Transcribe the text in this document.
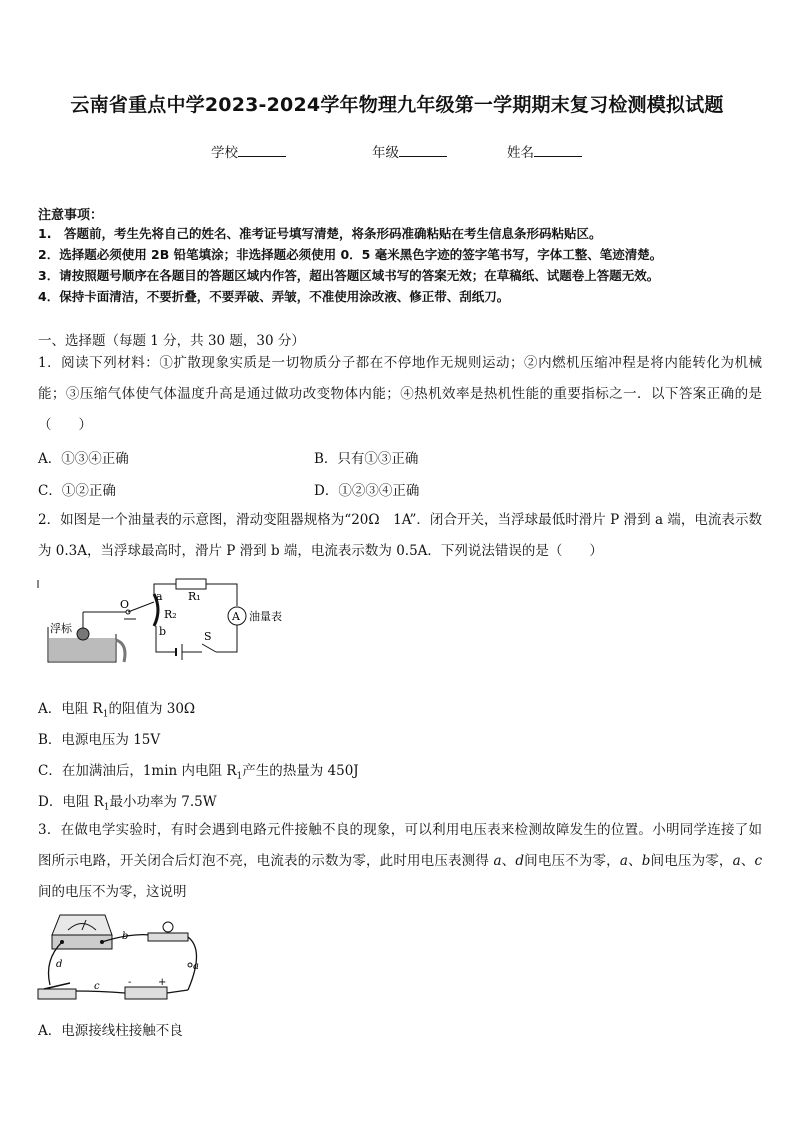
云南省重点中学2023-2024学年物理九年级第一学期期末复习检测模拟试题
学校	年级	姓名
注意事项：
1.　答题前，考生先将自己的姓名、准考证号填写清楚，将条形码准确粘贴在考生信息条形码粘贴区。
2．选择题必须使用 2B 铅笔填涂；非选择题必须使用 0．5 毫米黑色字迹的签字笔书写，字体工整、笔迹清楚。
3．请按照题号顺序在各题目的答题区域内作答，超出答题区域书写的答案无效；在草稿纸、试题卷上答题无效。
4．保持卡面清洁，不要折叠，不要弄破、弄皱，不准使用涂改液、修正带、刮纸刀。
一、选择题（每题 1 分，共 30 题，30 分）
1．阅读下列材料：①扩散现象实质是一切物质分子都在不停地作无规则运动；②内燃机压缩冲程是将内能转化为机械能；③压缩气体使气体温度升高是通过做功改变物体内能；④热机效率是热机性能的重要指标之一．以下答案正确的是（　　）
A．①③④正确	B．只有①③正确
C．①②正确	D．①②③④正确
2．如图是一个油量表的示意图，滑动变阻器规格为“20Ω　1A”．闭合开关，当浮球最低时滑片 P 滑到 a 端，电流表示数为 0.3A，当浮球最高时，滑片 P 滑到 b 端，电流表示数为 0.5A．下列说法错误的是（　　）
浮标
O
a
b
R₂
R₁
A 油量表
S
A．电阻 $R_1$的阻值为 30Ω
B．电源电压为 15V
C．在加满油后，1min 内电阻 $R_1$产生的热量为 450J
D．电阻 $R_1$最小功率为 7.5W
3．在做电学实验时，有时会遇到电路元件接触不良的现象，可以利用电压表来检测故障发生的位置。小明同学连接了如图所示电路，开关闭合后灯泡不亮，电流表的示数为零，此时用电压表测得 a、d间电压不为零，a、b间电压为零，a、c间的电压不为零，这说明
b
a
-	+
c
d
A．电源接线柱接触不良
